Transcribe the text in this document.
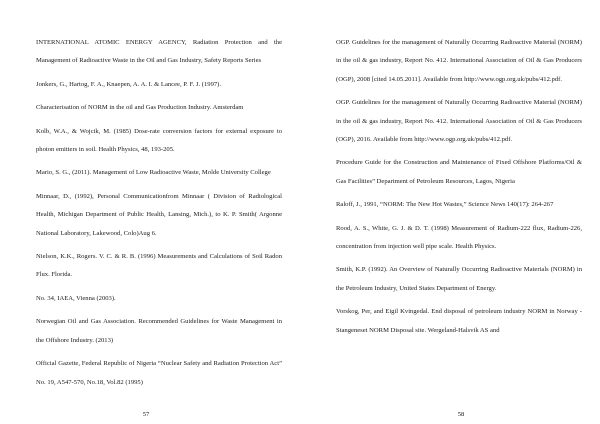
INTERNATIONAL ATOMIC ENERGY AGENCY, Radiation Protection and the Management of Radioactive Waste in the Oil and Gas Industry, Safety Reports Series

Jonkers, G., Hartog, F. A., Knaepen, A. A. I. & Lancee, P. F. J. (1997).

Characterisation of NORM in the oil and Gas Production Industry. Amsterdam

Kolb, W.A., & Wojcik, M. (1985) Dose-rate conversion factors for external exposure to photon emitters in soil. Health Physics, 48, 193-205.

Mario, S. G., (2011). Management of Low Radioactive Waste, Molde University College

Minnaar, D., (1992), Personal Communicationfrom Minnaar ( Division of Radiological Health, Michigan Department of Public Health, Lansing, Mich.), to K. P. Smith( Argonne National Laboratory, Lakewood, Colo)Aug 6.

Nielson, K.K., Rogers. V. C. & R. B. (1996) Measurements and Calculations of Soil Radon Flux. Florida.

No. 34, IAEA, Vienna (2003).

Norwegian Oil and Gas Association. Recommended Guidelines for Waste Management in the Offshore Industry. (2013)

Official Gazette, Federal Republic of Nigeria “Nuclear Safety and Radiation Protection Act” No. 19, A547-570, No.18, Vol.82 (1995)

57

OGP. Guidelines for the management of Naturally Occurring Radioactive Material (NORM) in the oil & gas industry, Report No. 412. International Association of Oil & Gas Producers (OGP), 2008 [cited 14.05.2011]. Available from http://www.ogp.org.uk/pubs/412.pdf.

OGP. Guidelines for the management of Naturally Occurring Radioactive Material (NORM) in the oil & gas industry, Report No. 412. International Association of Oil & Gas Producers (OGP), 2016. Available from http://www.ogp.org.uk/pubs/412.pdf.

Procedure Guide for the Construction and Maintenance of Fixed Offshore Platforms/Oil & Gas Facilities” Department of Petroleum Resources, Lagos, Nigeria

Raloff, J., 1991, “NORM: The New Hot Wastes,” Science News 140(17): 264-267

Rood, A. S., White, G. J. & D. T. (1998) Measurement of Radium-222 flux, Radium-226, concentration from injection well pipe scale. Health Physics.

Smith, K.P. (1992). An Overview of Naturally Occurring Radioactive Materials (NORM) in the Petroleum Industry, United States Department of Energy.

Vorskog, Per, and Eigil Kvingedal. End disposal of petroleum industry NORM in Norway - Stangeneset NORM Disposal site. Wergeland-Halsvik AS and

58
